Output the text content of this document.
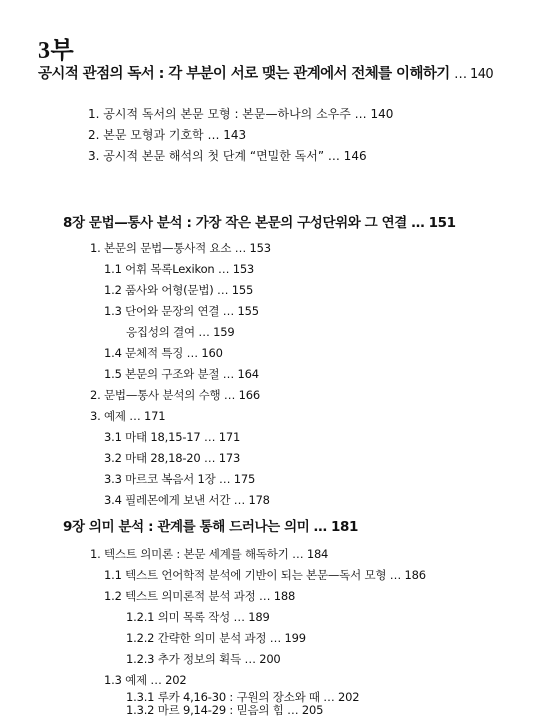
3부
공시적 관점의 독서 : 각 부분이 서로 맺는 관계에서 전체를 이해하기 … 140
1. 공시적 독서의 본문 모형 : 본문—하나의 소우주 … 140
2. 본문 모형과 기호학 … 143
3. 공시적 본문 해석의 첫 단계 “면밀한 독서” … 146
8장 문법—통사 분석 : 가장 작은 본문의 구성단위와 그 연결 … 151
1. 본문의 문법—통사적 요소 … 153
1.1 어휘 목록Lexikon … 153
1.2 품사와 어형(문법) … 155
1.3 단어와 문장의 연결 … 155
응집성의 결여 … 159
1.4 문체적 특징 … 160
1.5 본문의 구조와 분절 … 164
2. 문법—통사 분석의 수행 … 166
3. 예제 … 171
3.1 마태 18,15-17 … 171
3.2 마태 28,18-20 … 173
3.3 마르코 복음서 1장 … 175
3.4 필레몬에게 보낸 서간 … 178
9장 의미 분석 : 관계를 통해 드러나는 의미 … 181
1. 텍스트 의미론 : 본문 세계를 해독하기 … 184
1.1 텍스트 언어학적 분석에 기반이 되는 본문—독서 모형 … 186
1.2 텍스트 의미론적 분석 과정 … 188
1.2.1 의미 목록 작성 … 189
1.2.2 간략한 의미 분석 과정 … 199
1.2.3 추가 정보의 획득 … 200
1.3 예제 … 202
1.3.1 루카 4,16-30 : 구원의 장소와 때 … 202
1.3.2 마르 9,14-29 : 믿음의 힘 … 205
